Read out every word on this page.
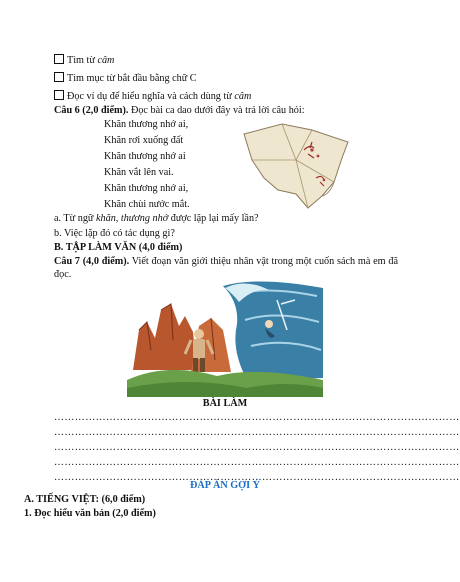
Tìm từ câm
Tìm mục từ bắt đầu bằng chữ C
Đọc ví dụ để hiểu nghĩa và cách dùng từ câm
Câu 6 (2,0 điểm). Đọc bài ca dao dưới đây và trả lời câu hỏi:
Khăn thương nhớ ai,
Khăn rơi xuống đất
Khăn thương nhớ ai
Khăn vắt lên vai.
Khăn thương nhớ ai,
Khăn chùi nước mắt.
a. Từ ngữ khăn, thương nhớ được lặp lại mấy lần?
b. Việc lặp đó có tác dụng gì?
B. TẬP LÀM VĂN (4,0 điểm)
Câu 7 (4,0 điểm). Viết đoạn văn giới thiệu nhân vật trong một cuốn sách mà em đã đọc.
BÀI LÀM
………………………………………………………………………………………………………
………………………………………………………………………………………………………
………………………………………………………………………………………………………
………………………………………………………………………………………………………
………………………………………………………………………………………………………
ĐÁP ÁN GỢI Ý
A. TIẾNG VIỆT: (6,0 điểm)
1. Đọc hiểu văn bản (2,0 điểm)
